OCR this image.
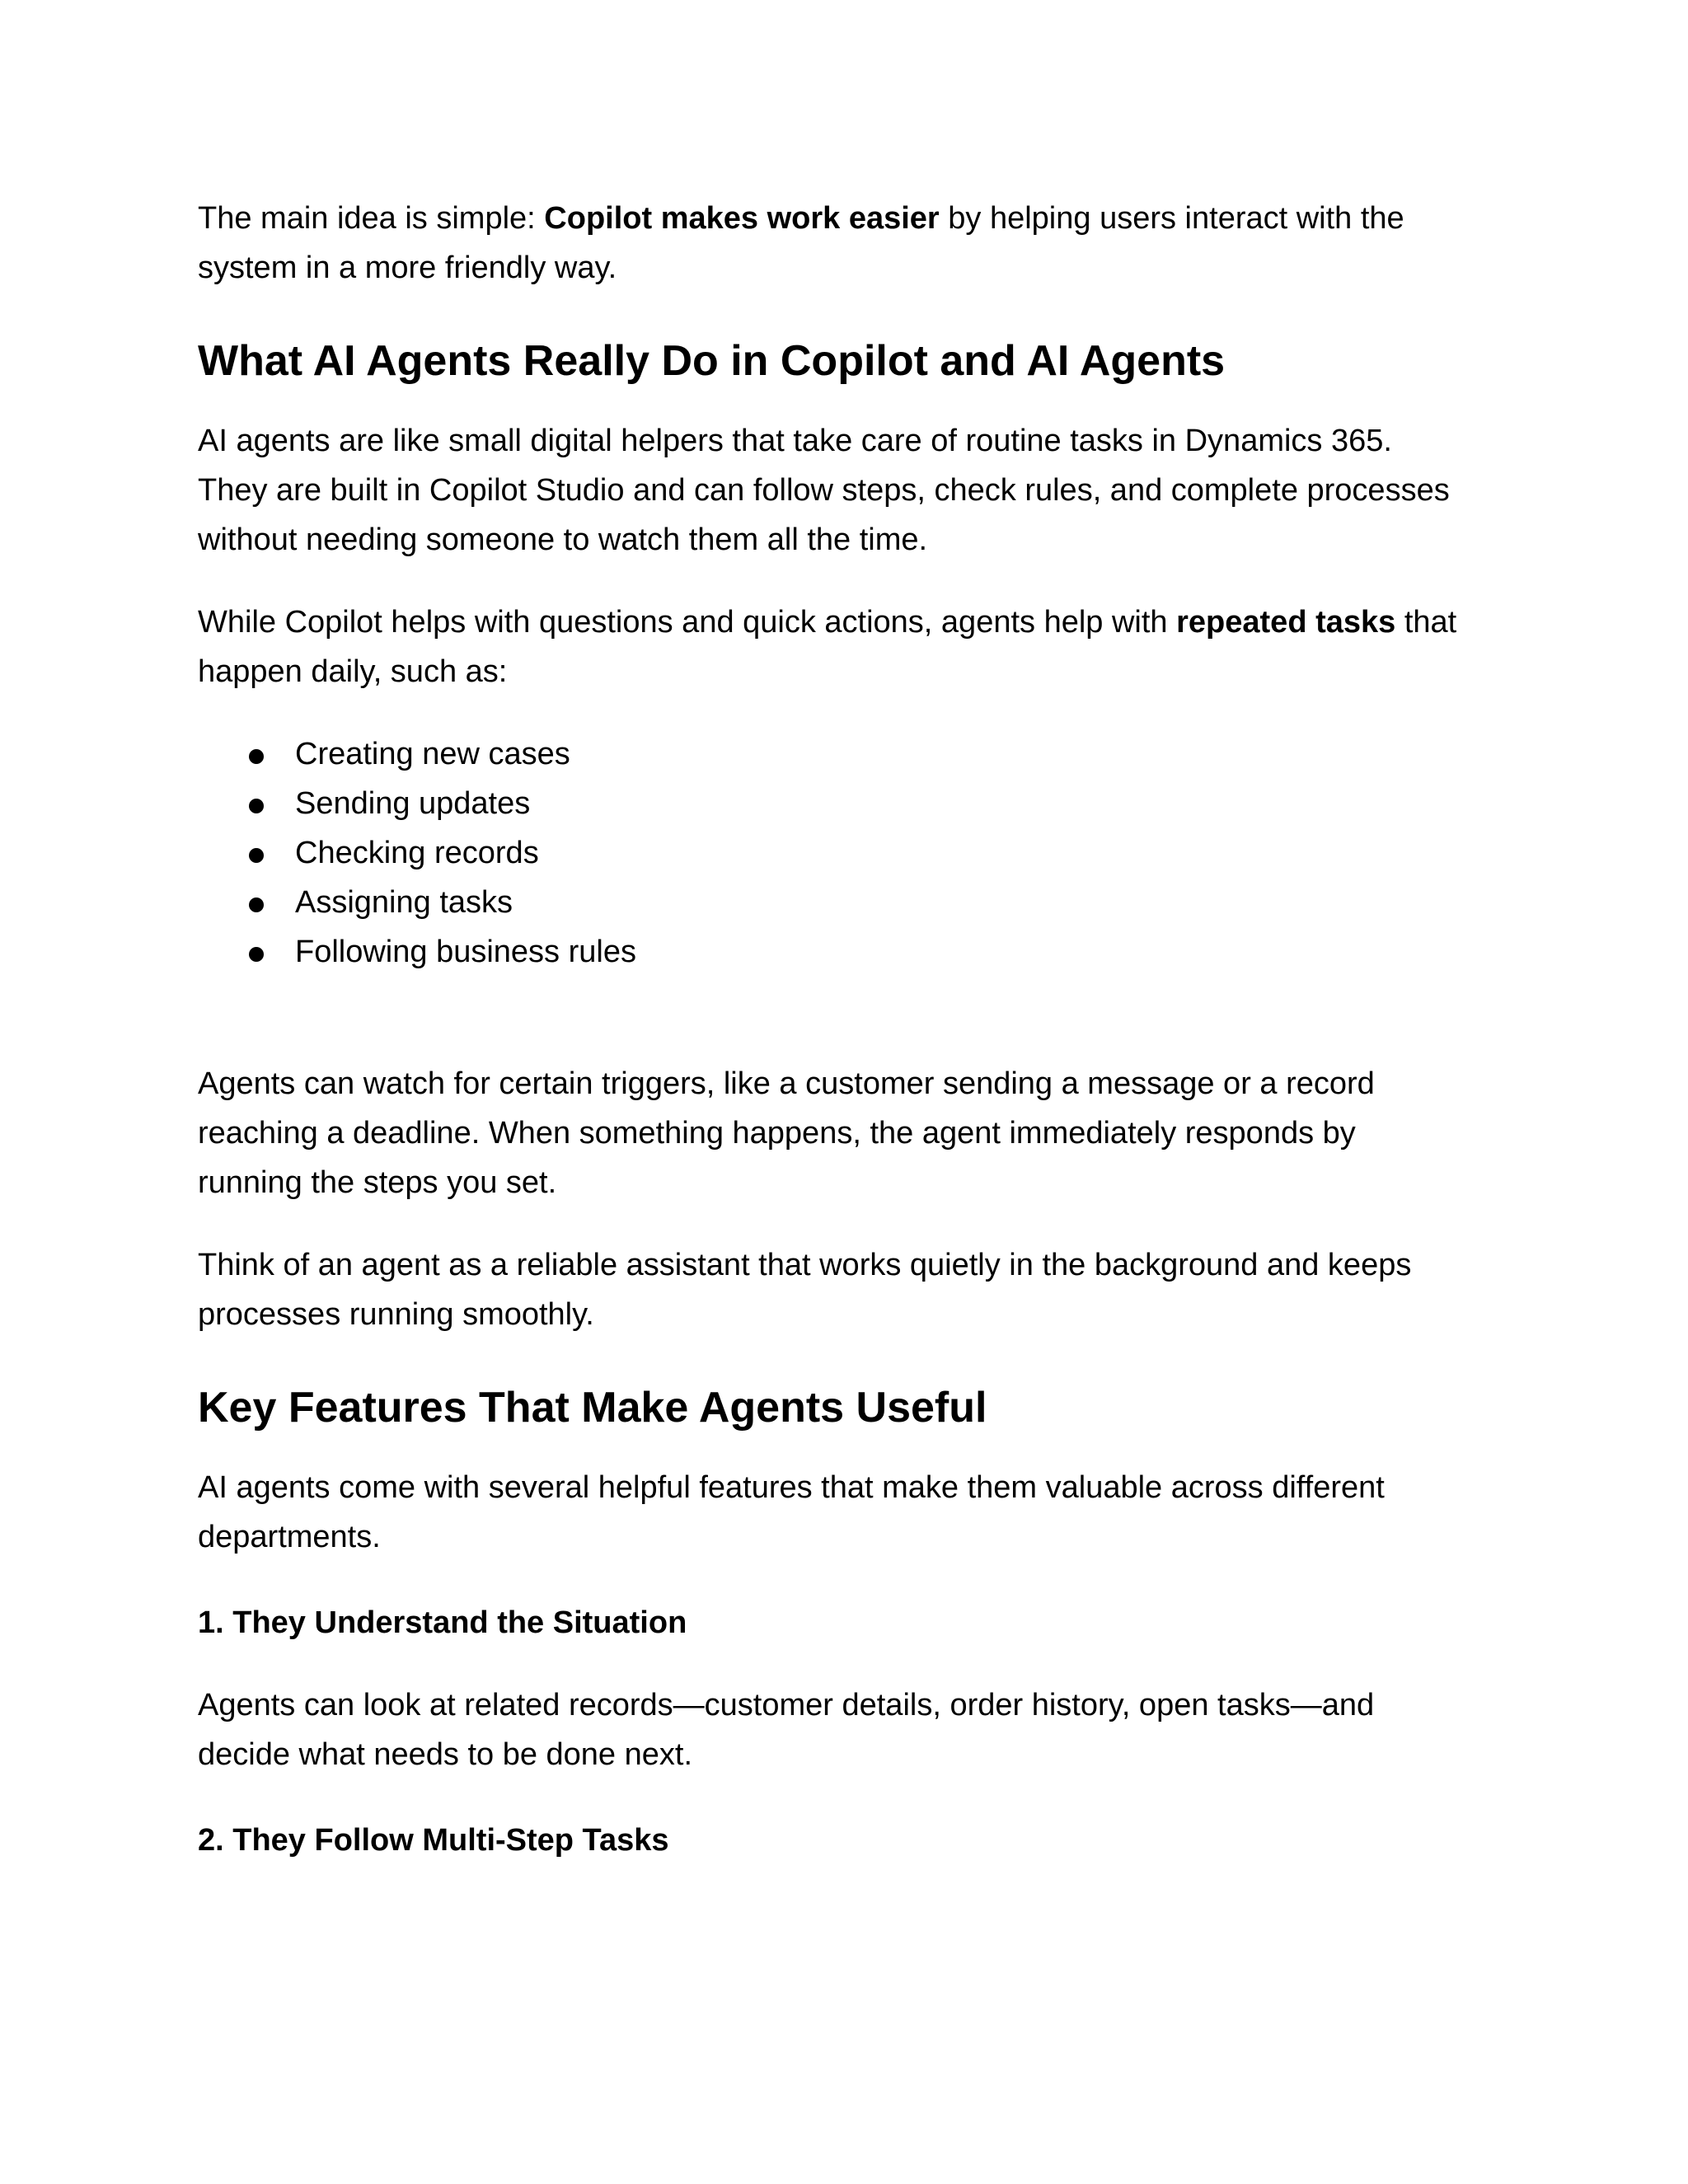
The main idea is simple: Copilot makes work easier by helping users interact with the system in a more friendly way.

What AI Agents Really Do in Copilot and AI Agents

AI agents are like small digital helpers that take care of routine tasks in Dynamics 365. They are built in Copilot Studio and can follow steps, check rules, and complete processes without needing someone to watch them all the time.

While Copilot helps with questions and quick actions, agents help with repeated tasks that happen daily, such as:

Creating new cases
Sending updates
Checking records
Assigning tasks
Following business rules

Agents can watch for certain triggers, like a customer sending a message or a record reaching a deadline. When something happens, the agent immediately responds by running the steps you set.

Think of an agent as a reliable assistant that works quietly in the background and keeps processes running smoothly.

Key Features That Make Agents Useful

AI agents come with several helpful features that make them valuable across different departments.

1. They Understand the Situation

Agents can look at related records—customer details, order history, open tasks—and decide what needs to be done next.

2. They Follow Multi-Step Tasks
